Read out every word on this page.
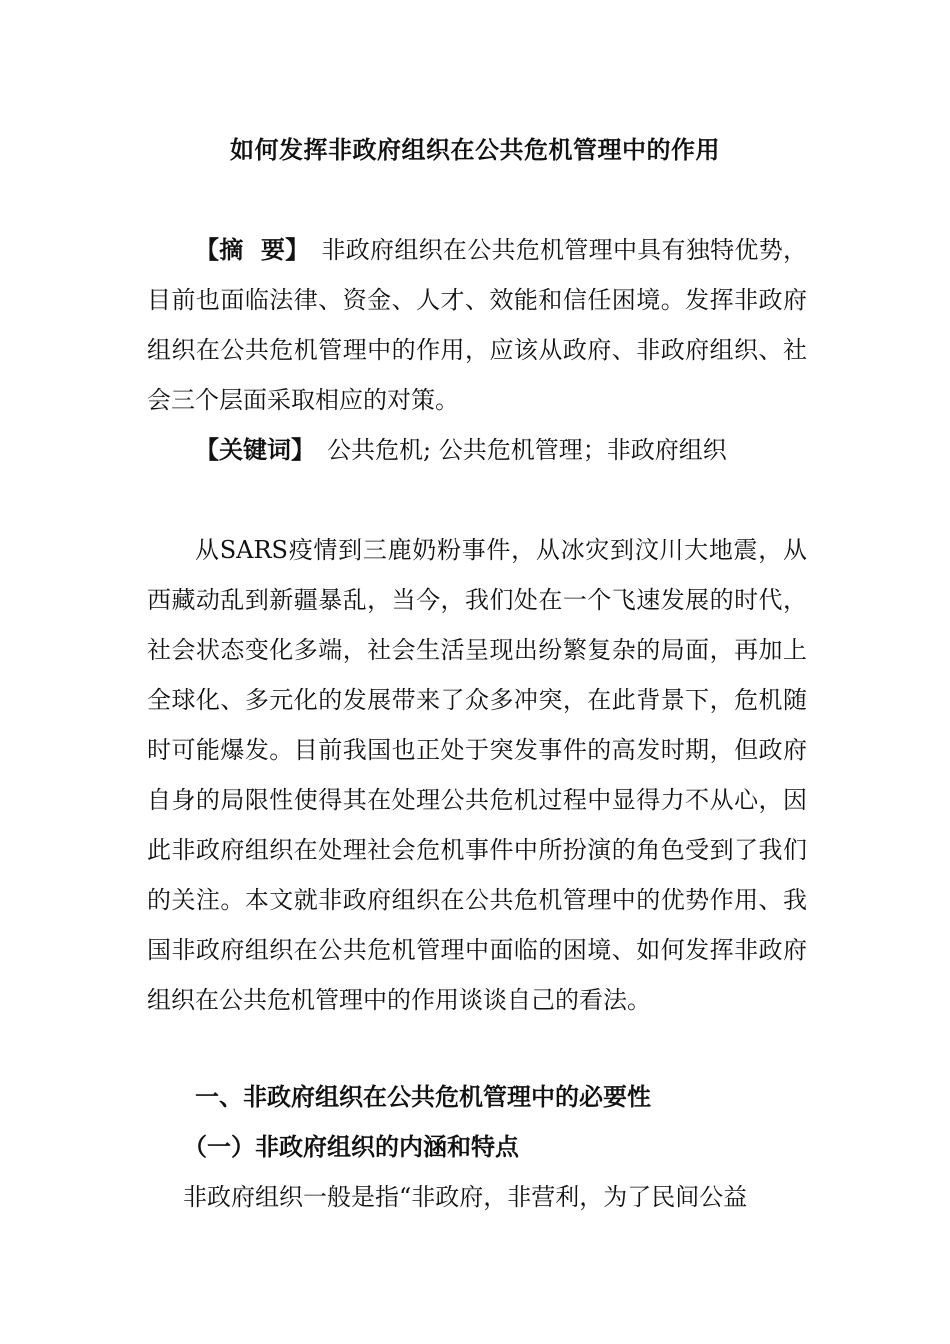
如何发挥非政府组织在公共危机管理中的作用

【摘  要】 非政府组织在公共危机管理中具有独特优势，目前也面临法律、资金、人才、效能和信任困境。发挥非政府组织在公共危机管理中的作用，应该从政府、非政府组织、社会三个层面采取相应的对策。

【关键词】 公共危机; 公共危机管理；非政府组织

从SARS疫情到三鹿奶粉事件，从冰灾到汶川大地震，从西藏动乱到新疆暴乱，当今，我们处在一个飞速发展的时代，社会状态变化多端，社会生活呈现出纷繁复杂的局面，再加上全球化、多元化的发展带来了众多冲突，在此背景下，危机随时可能爆发。目前我国也正处于突发事件的高发时期，但政府自身的局限性使得其在处理公共危机过程中显得力不从心，因此非政府组织在处理社会危机事件中所扮演的角色受到了我们的关注。本文就非政府组织在公共危机管理中的优势作用、我国非政府组织在公共危机管理中面临的困境、如何发挥非政府组织在公共危机管理中的作用谈谈自己的看法。

一、非政府组织在公共危机管理中的必要性
（一）非政府组织的内涵和特点
非政府组织一般是指“非政府，非营利，为了民间公益
